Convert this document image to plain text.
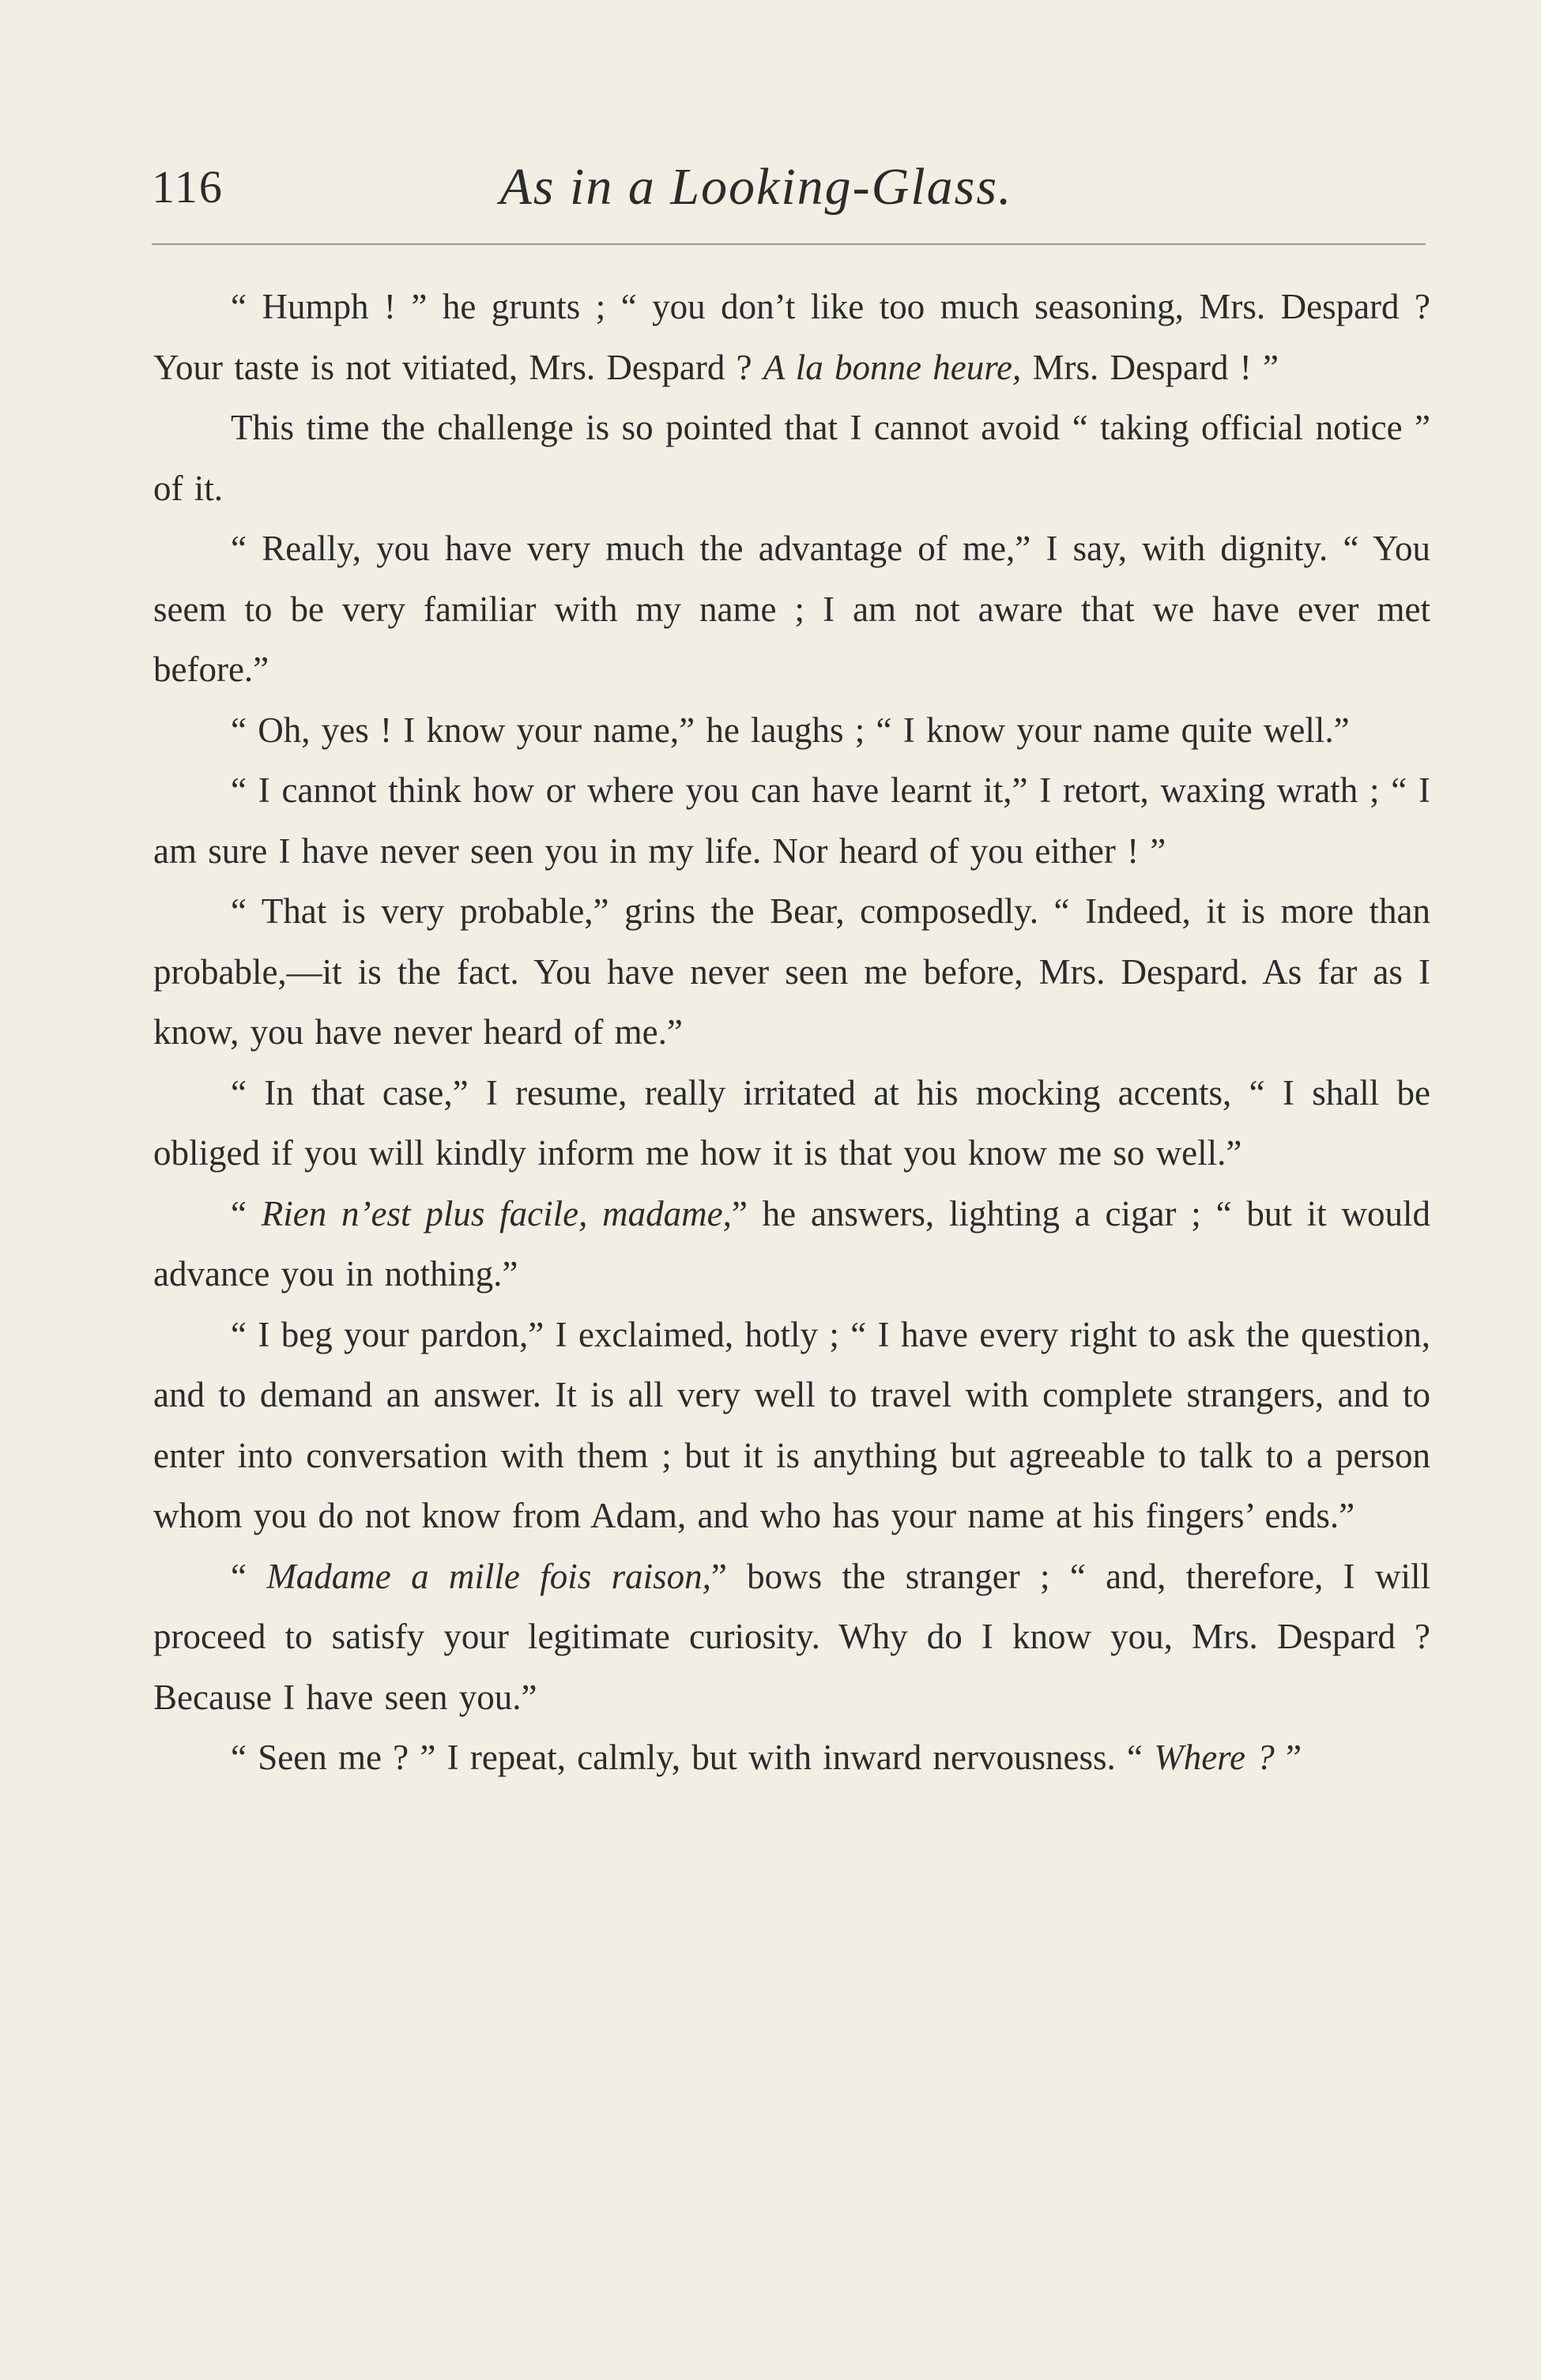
116	As in a Looking-Glass.

“ Humph ! ” he grunts ; “ you don’t like too much seasoning, Mrs. Despard ? Your taste is not vitiated, Mrs. Despard ? A la bonne heure, Mrs. Despard ! ”

This time the challenge is so pointed that I cannot avoid “ taking official notice ” of it.

“ Really, you have very much the advantage of me,” I say, with dignity. “ You seem to be very familiar with my name ; I am not aware that we have ever met before.”

“ Oh, yes ! I know your name,” he laughs ; “ I know your name quite well.”

“ I cannot think how or where you can have learnt it,” I retort, waxing wrath ; “ I am sure I have never seen you in my life. Nor heard of you either ! ”

“ That is very probable,” grins the Bear, composedly. “ Indeed, it is more than probable,—it is the fact. You have never seen me before, Mrs. Despard. As far as I know, you have never heard of me.”

“ In that case,” I resume, really irritated at his mocking accents, “ I shall be obliged if you will kindly inform me how it is that you know me so well.”

“ Rien n’est plus facile, madame,” he answers, lighting a cigar ; “ but it would advance you in nothing.”

“ I beg your pardon,” I exclaimed, hotly ; “ I have every right to ask the question, and to demand an answer. It is all very well to travel with complete strangers, and to enter into conversation with them ; but it is anything but agreeable to talk to a person whom you do not know from Adam, and who has your name at his fingers’ ends.”

“ Madame a mille fois raison,” bows the stranger ; “ and, therefore, I will proceed to satisfy your legitimate curiosity. Why do I know you, Mrs. Despard ? Because I have seen you.”

“ Seen me ? ” I repeat, calmly, but with inward nervousness. “ Where ? ”
